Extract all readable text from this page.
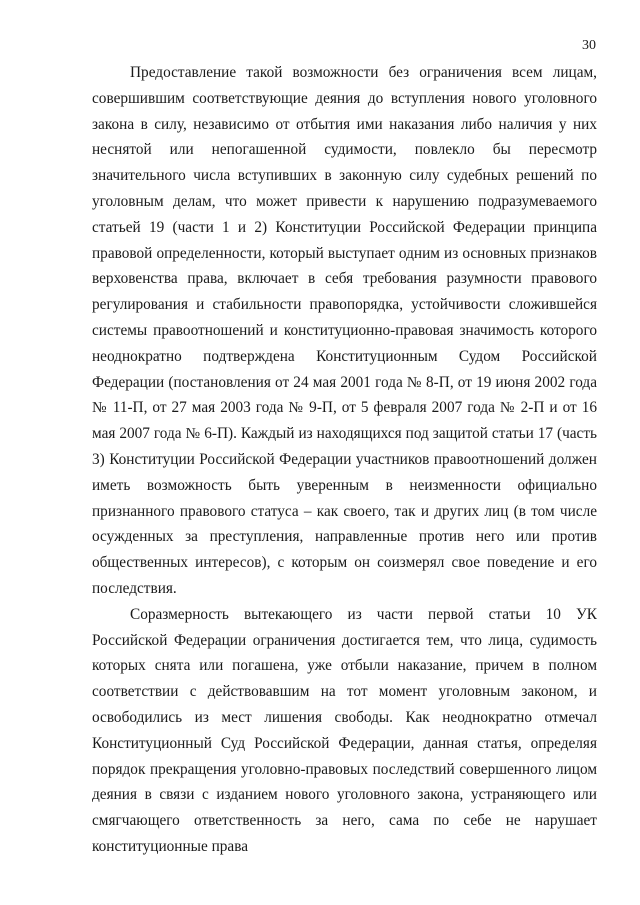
30

Предоставление такой возможности без ограничения всем лицам, совершившим соответствующие деяния до вступления нового уголовного закона в силу, независимо от отбытия ими наказания либо наличия у них неснятой или непогашенной судимости, повлекло бы пересмотр значительного числа вступивших в законную силу судебных решений по уголовным делам, что может привести к нарушению подразумеваемого статьей 19 (части 1 и 2) Конституции Российской Федерации принципа правовой определенности, который выступает одним из основных признаков верховенства права, включает в себя требования разумности правового регулирования и стабильности правопорядка, устойчивости сложившейся системы правоотношений и конституционно-правовая значимость которого неоднократно подтверждена Конституционным Судом Российской Федерации (постановления от 24 мая 2001 года № 8-П, от 19 июня 2002 года № 11-П, от 27 мая 2003 года № 9-П, от 5 февраля 2007 года № 2-П и от 16 мая 2007 года № 6-П). Каждый из находящихся под защитой статьи 17 (часть 3) Конституции Российской Федерации участников правоотношений должен иметь возможность быть уверенным в неизменности официально признанного правового статуса – как своего, так и других лиц (в том числе осужденных за преступления, направленные против него или против общественных интересов), с которым он соизмерял свое поведение и его последствия.

Соразмерность вытекающего из части первой статьи 10 УК Российской Федерации ограничения достигается тем, что лица, судимость которых снята или погашена, уже отбыли наказание, причем в полном соответствии с действовавшим на тот момент уголовным законом, и освободились из мест лишения свободы. Как неоднократно отмечал Конституционный Суд Российской Федерации, данная статья, определяя порядок прекращения уголовно-правовых последствий совершенного лицом деяния в связи с изданием нового уголовного закона, устраняющего или смягчающего ответственность за него, сама по себе не нарушает конституционные права
